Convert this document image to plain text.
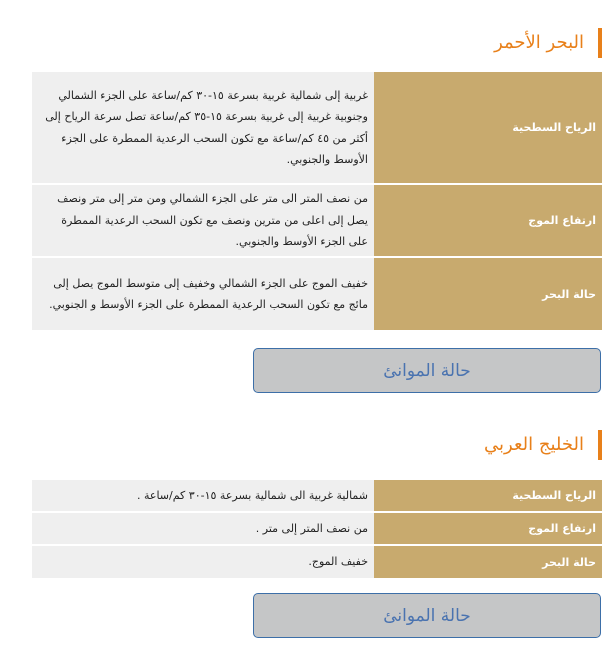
البحر الأحمر
الرياح السطحية	غربية إلى شمالية غربية بسرعة ١٥-٣٠ كم/ساعة على الجزء الشمالي وجنوبية غربية إلى غربية بسرعة ١٥-٣٥ كم/ساعة تصل سرعة الرياح إلى أكثر من ٤٥ كم/ساعة مع تكون السحب الرعدية الممطرة على الجزء الأوسط والجنوبي.
ارتفاع الموج	من نصف المتر الى متر على الجزء الشمالي ومن متر إلى متر ونصف يصل إلى اعلى من مترين ونصف مع تكون السحب الرعدية الممطرة على الجزء الأوسط والجنوبي.
حالة البحر	خفيف الموج على الجزء الشمالي وخفيف إلى متوسط الموج يصل إلى مائج مع تكون السحب الرعدية الممطرة على الجزء الأوسط و الجنوبي.
حالة الموانئ
الخليج العربي
الرياح السطحية	شمالية غربية الى شمالية بسرعة ١٥-٣٠ كم/ساعة .
ارتفاع الموج	من نصف المتر إلى متر .
حالة البحر	خفيف الموج.
حالة الموانئ
